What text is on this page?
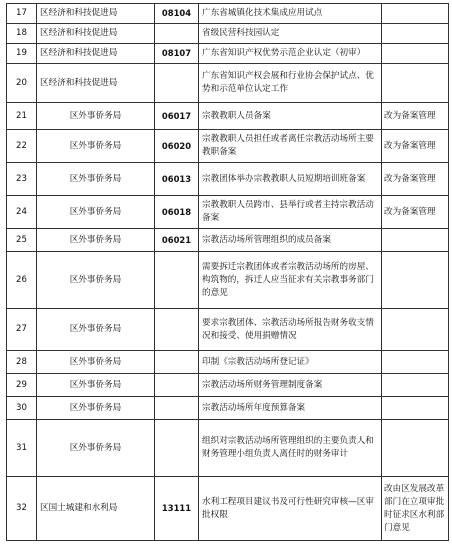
17	区经济和科技促进局	08104	广东省城镇化技术集成应用试点	
18	区经济和科技促进局		省级民营科技园认定	
19	区经济和科技促进局	08107	广东省知识产权优势示范企业认定（初审）	
20	区经济和科技促进局		广东省知识产权会展和行业协会保护试点、优势和示范单位认定工作	
21	区外事侨务局	06017	宗教教职人员备案	改为备案管理
22	区外事侨务局	06020	宗教教职人员担任或者离任宗教活动场所主要教职备案	改为备案管理
23	区外事侨务局	06013	宗教团体举办宗教教职人员短期培训班备案	改为备案管理
24	区外事侨务局	06018	宗教教职人员跨市、县举行或者主持宗教活动备案	改为备案管理
25	区外事侨务局	06021	宗教活动场所管理组织的成员备案	
26	区外事侨务局		需要拆迁宗教团体或者宗教活动场所的房屋、构筑物的，拆迁人应当征求有关宗教事务部门的意见	
27	区外事侨务局		要求宗教团体、宗教活动场所报告财务收支情况和接受、使用捐赠情况	
28	区外事侨务局		印制《宗教活动场所登记证》	
29	区外事侨务局		宗教活动场所财务管理制度备案	
30	区外事侨务局		宗教活动场所年度预算备案	
31	区外事侨务局		组织对宗教活动场所管理组织的主要负责人和财务管理小组负责人离任时的财务审计	
32	区国土城建和水利局	13111	水利工程项目建议书及可行性研究审核—区审批权限	改由区发展改革部门在立项审批时征求区水利部门意见
